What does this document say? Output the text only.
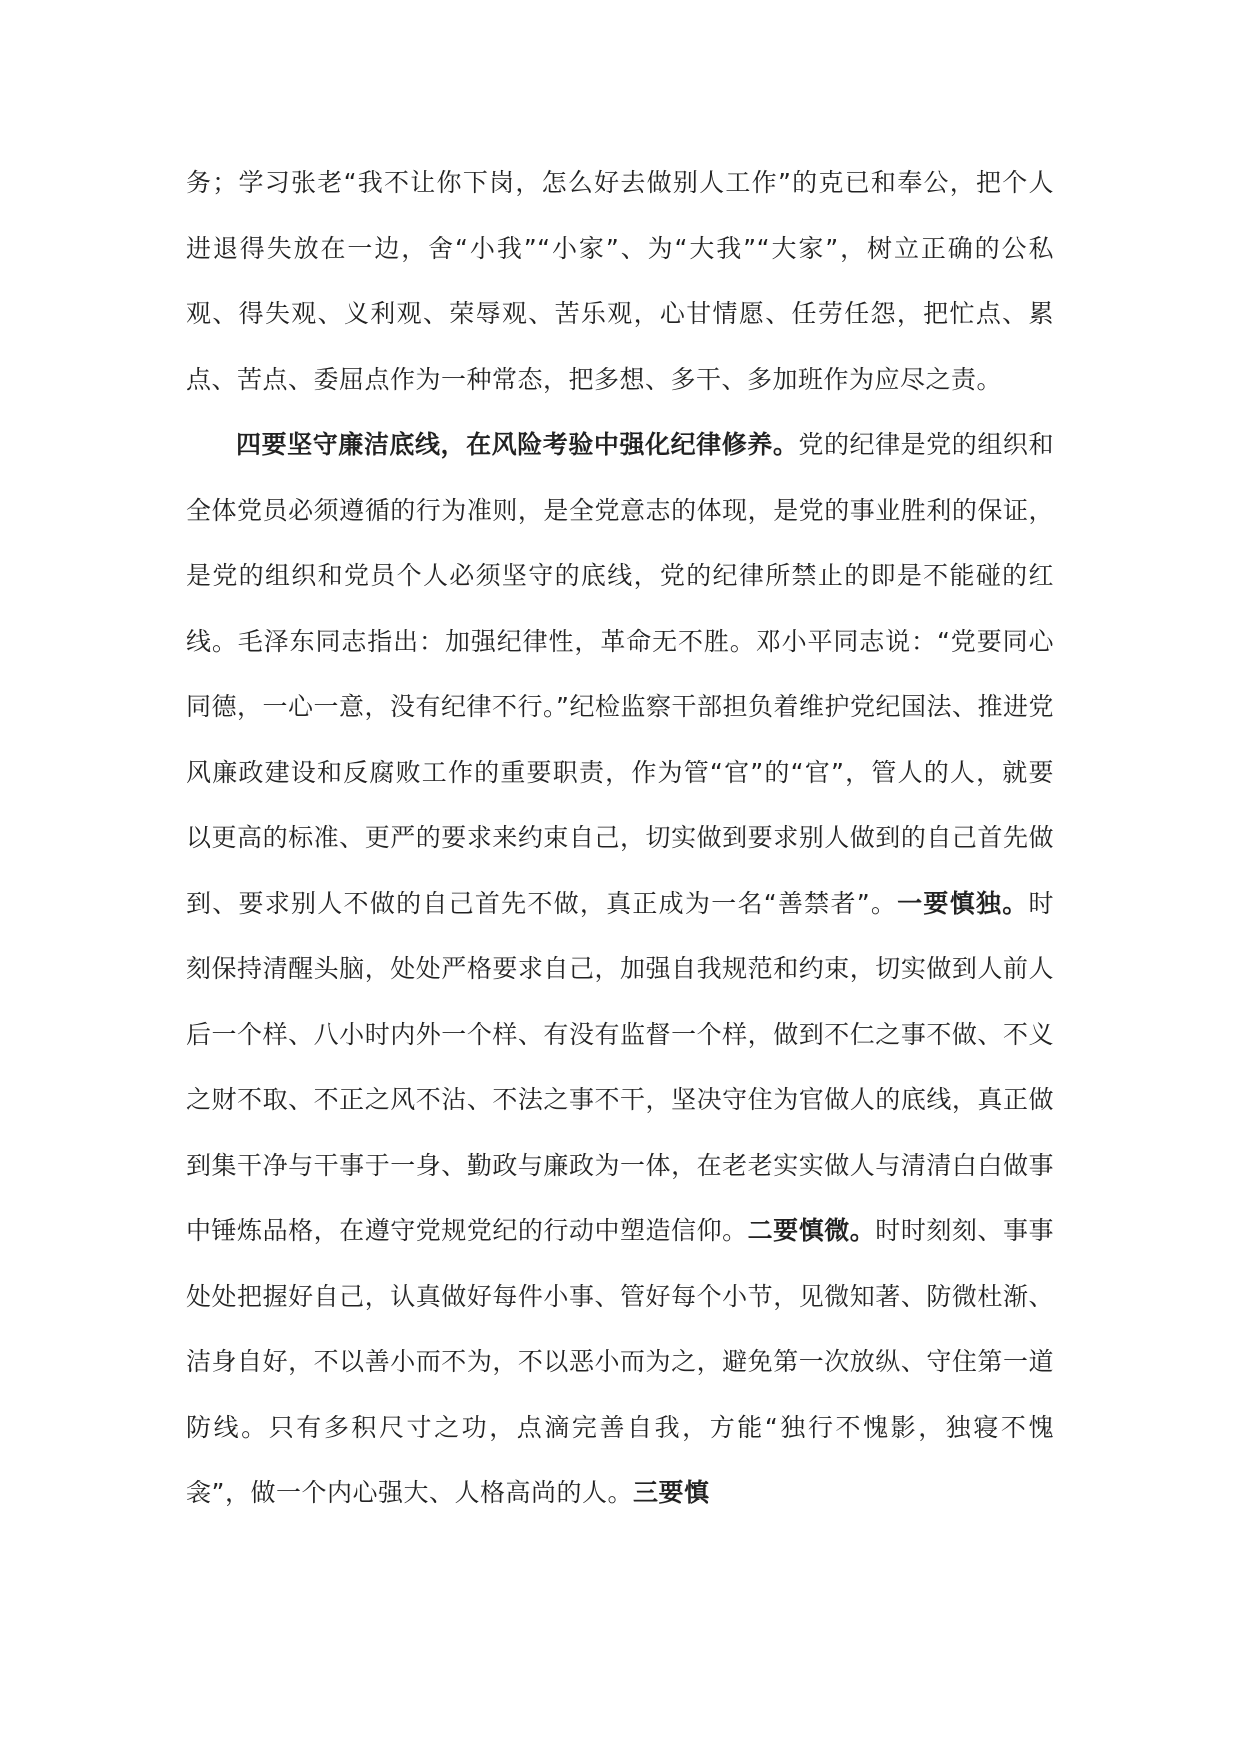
务；学习张老“我不让你下岗，怎么好去做别人工作”的克已和奉公，把个人进退得失放在一边，舍“小我”“小家”、为“大我”“大家”，树立正确的公私观、得失观、义利观、荣辱观、苦乐观，心甘情愿、任劳任怨，把忙点、累点、苦点、委屈点作为一种常态，把多想、多干、多加班作为应尽之责。

四要坚守廉洁底线，在风险考验中强化纪律修养。党的纪律是党的组织和全体党员必须遵循的行为准则，是全党意志的体现，是党的事业胜利的保证，是党的组织和党员个人必须坚守的底线，党的纪律所禁止的即是不能碰的红线。毛泽东同志指出：加强纪律性，革命无不胜。邓小平同志说：“党要同心同德，一心一意，没有纪律不行。”纪检监察干部担负着维护党纪国法、推进党风廉政建设和反腐败工作的重要职责，作为管“官”的“官”，管人的人，就要以更高的标准、更严的要求来约束自己，切实做到要求别人做到的自己首先做到、要求别人不做的自己首先不做，真正成为一名“善禁者”。一要慎独。时刻保持清醒头脑，处处严格要求自己，加强自我规范和约束，切实做到人前人后一个样、八小时内外一个样、有没有监督一个样，做到不仁之事不做、不义之财不取、不正之风不沾、不法之事不干，坚决守住为官做人的底线，真正做到集干净与干事于一身、勤政与廉政为一体，在老老实实做人与清清白白做事中锤炼品格，在遵守党规党纪的行动中塑造信仰。二要慎微。时时刻刻、事事处处把握好自己，认真做好每件小事、管好每个小节，见微知著、防微杜渐、洁身自好，不以善小而不为，不以恶小而为之，避免第一次放纵、守住第一道防线。只有多积尺寸之功，点滴完善自我，方能“独行不愧影，独寝不愧衾”，做一个内心强大、人格高尚的人。三要慎
